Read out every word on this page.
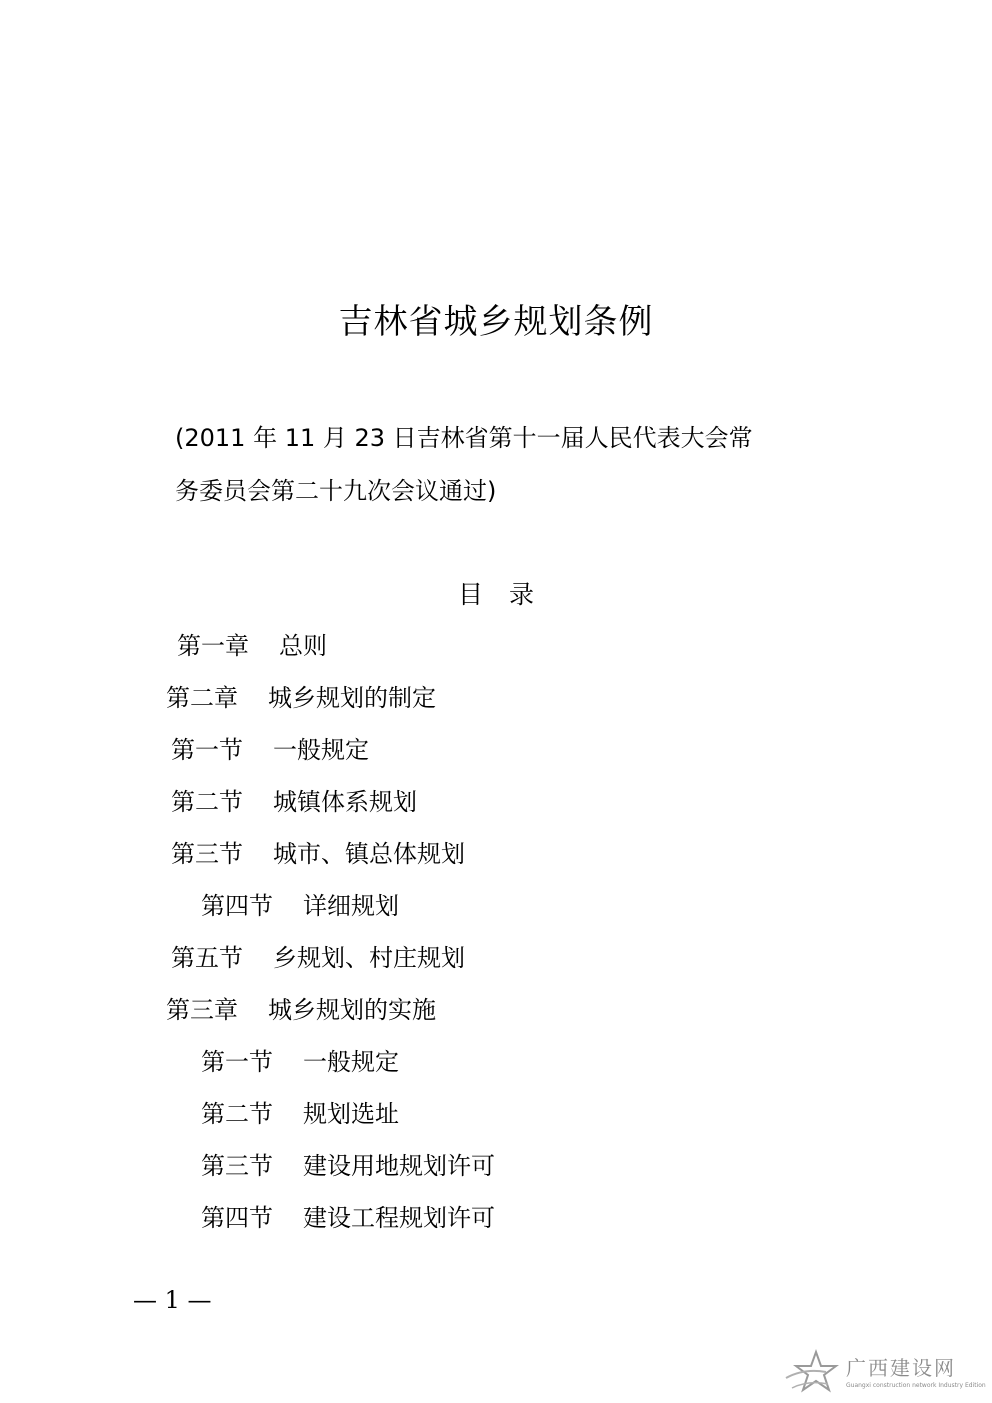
吉林省城乡规划条例
(2011 年 11 月 23 日吉林省第十一届人民代表大会常
务委员会第二十九次会议通过)
目 录
第一章 总则
第二章 城乡规划的制定
第一节 一般规定
第二节 城镇体系规划
第三节 城市、镇总体规划
第四节 详细规划
第五节 乡规划、村庄规划
第三章 城乡规划的实施
第一节 一般规定
第二节 规划选址
第三节 建设用地规划许可
第四节 建设工程规划许可
— 1 —
广西建设网
Guangxi construction network Industry Edition
